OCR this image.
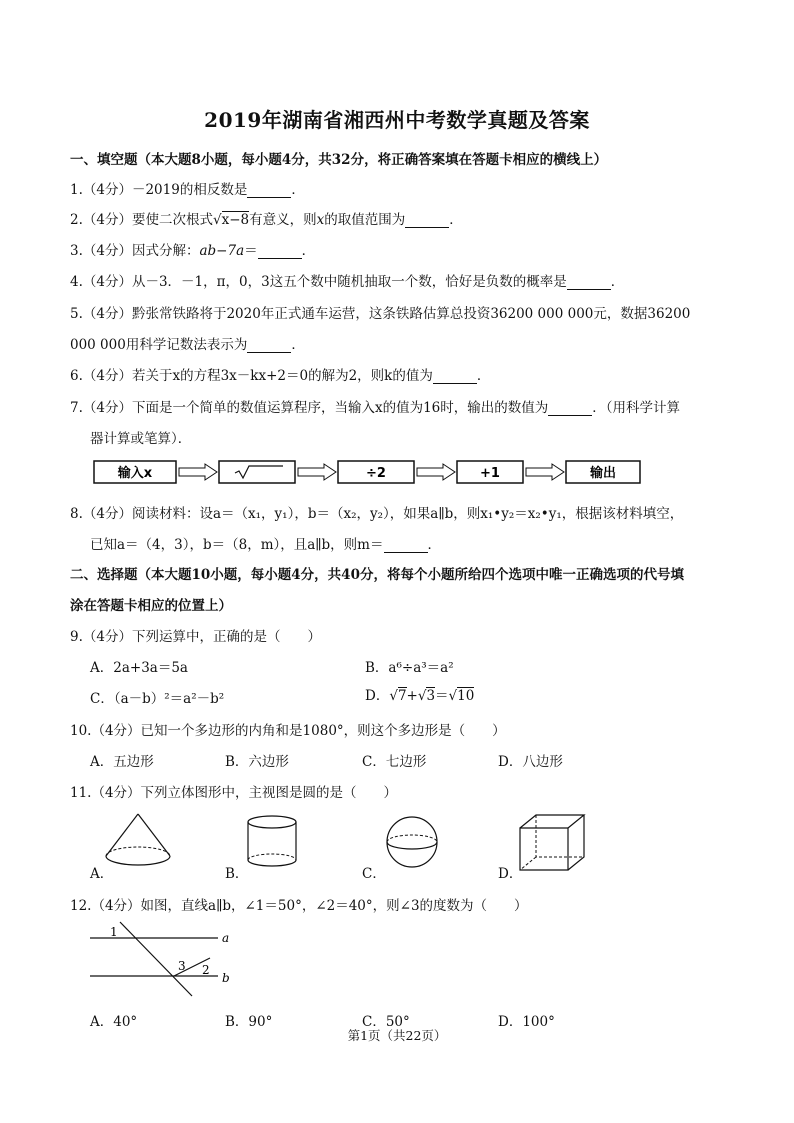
2019年湖南省湘西州中考数学真题及答案
一、填空题（本大题8小题，每小题4分，共32分，将正确答案填在答题卡相应的横线上）
1.（4分）－2019的相反数是	．
2.（4分）要使二次根式√x−8有意义，则x的取值范围为	．
3.（4分）因式分解：ab−7a＝	．
4.（4分）从－3．－1，π，0，3这五个数中随机抽取一个数，恰好是负数的概率是	．
5.（4分）黔张常铁路将于2020年正式通车运营，这条铁路估算总投资36200 000 000元，数据36200
000 000用科学记数法表示为	．
6.（4分）若关于x的方程3x－kx+2＝0的解为2，则k的值为	．
7.（4分）下面是一个简单的数值运算程序，当输入x的值为16时，输出的数值为	．（用科学计算
器计算或笔算）．
输入x	÷2	+1	输出
8.（4分）阅读材料：设a＝（x₁，y₁），b＝（x₂，y₂），如果a∥b，则x₁•y₂＝x₂•y₁，根据该材料填空，
已知a＝（4，3），b＝（8，m），且a∥b，则m＝	．
二、选择题（本大题10小题，每小题4分，共40分，将每个小题所给四个选项中唯一正确选项的代号填
涂在答题卡相应的位置上）
9.（4分）下列运算中，正确的是（　　）
A．2a+3a＝5a	B．a⁶÷a³＝a²
C．（a－b）²＝a²－b²	D．√7+√3＝√10
10.（4分）已知一个多边形的内角和是1080°，则这个多边形是（　　）
A．五边形	B．六边形	C．七边形	D．八边形
11.（4分）下列立体图形中，主视图是圆的是（　　）
A．	B．	C．	D．
12.（4分）如图，直线a∥b，∠1＝50°，∠2＝40°，则∠3的度数为（　　）
1
2
3
a
b
A．40°	B．90°	C．50°	D．100°
第1页（共22页）
